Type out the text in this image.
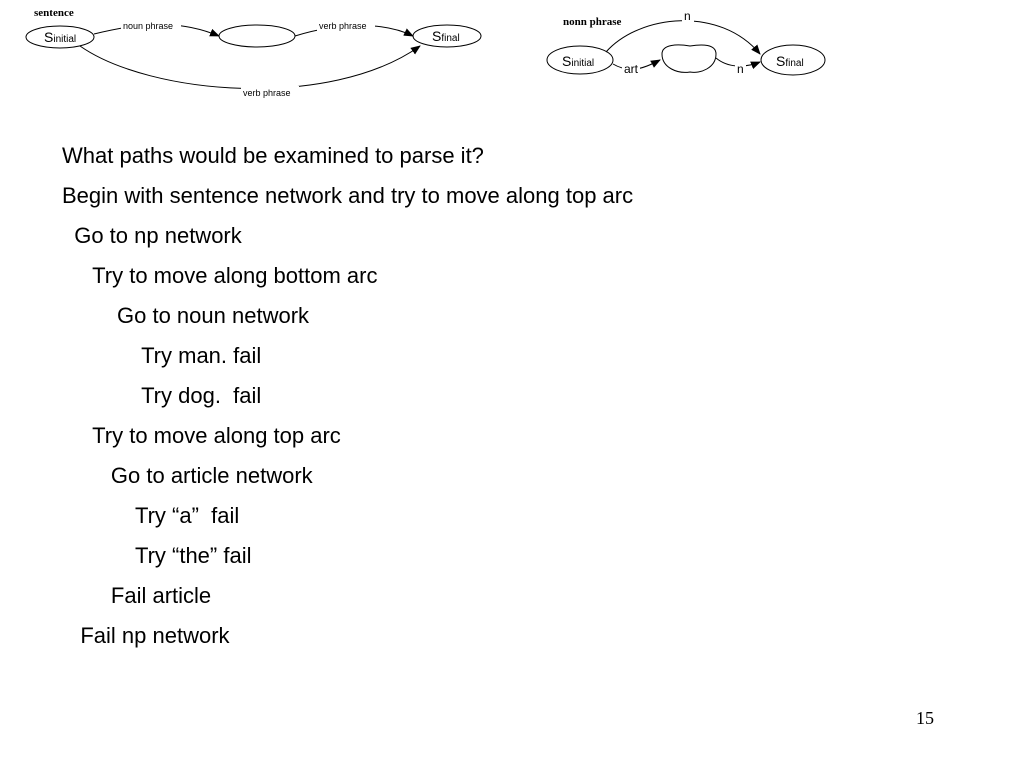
sentence
Sinitial	Sfinal
noun phrase	verb phrase
verb phrase
nonn phrase
Sinitial	Sfinal
n
art	n
What paths would be examined to parse it?
Begin with sentence network and try to move along top arc
Go to np network
Try to move along bottom arc
Go to noun network
Try man. fail
Try dog.  fail
Try to move along top arc
Go to article network
Try “a”  fail
Try “the” fail
Fail article
Fail np network
15
